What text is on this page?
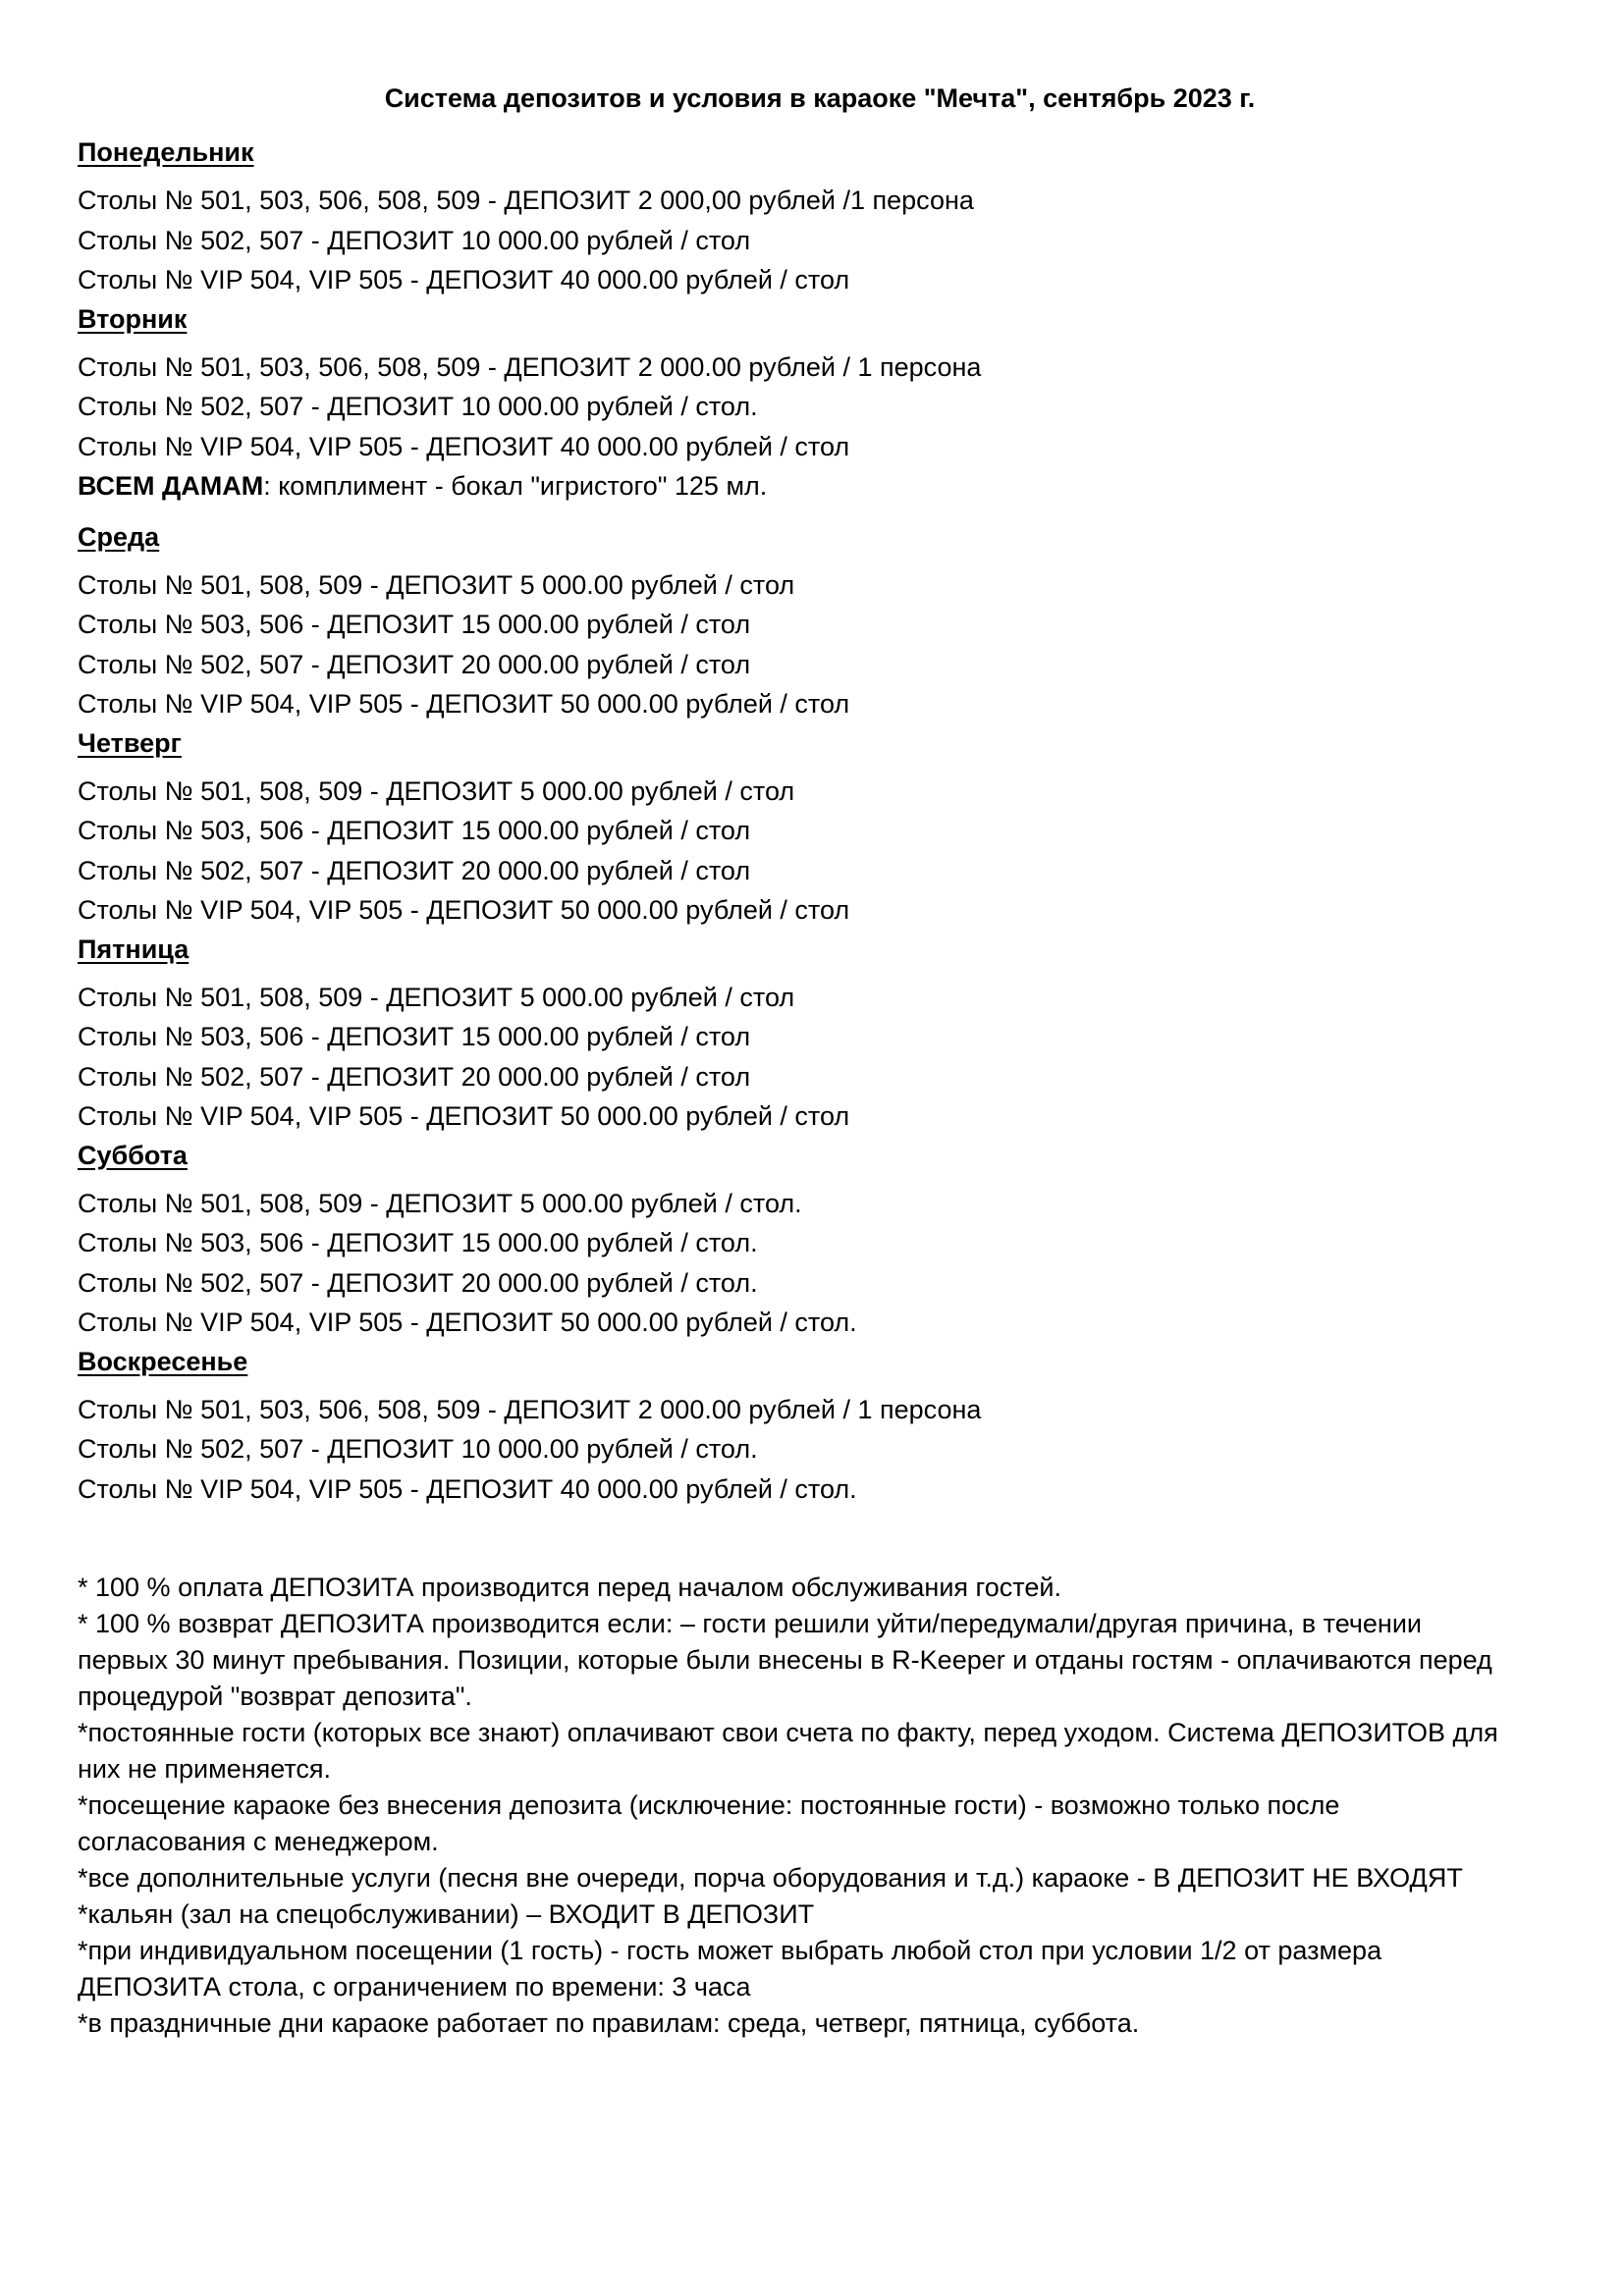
Система депозитов и условия в караоке "Мечта", сентябрь 2023 г.
Понедельник
Столы № 501, 503, 506, 508, 509 - ДЕПОЗИТ 2 000,00 рублей /1 персона
Столы № 502, 507 - ДЕПОЗИТ 10 000.00 рублей / стол
Столы № VIP 504, VIP 505 - ДЕПОЗИТ 40 000.00 рублей / стол
Вторник
Столы № 501, 503, 506, 508, 509 - ДЕПОЗИТ 2 000.00 рублей / 1 персона
Столы № 502, 507 - ДЕПОЗИТ 10 000.00 рублей / стол.
Столы № VIP 504, VIP 505 - ДЕПОЗИТ 40 000.00 рублей / стол
ВСЕМ ДАМАМ: комплимент - бокал "игристого" 125 мл.
Среда
Столы № 501, 508, 509 - ДЕПОЗИТ 5 000.00 рублей / стол
Столы № 503, 506 - ДЕПОЗИТ 15 000.00 рублей / стол
Столы № 502, 507 - ДЕПОЗИТ 20 000.00 рублей / стол
Столы № VIP 504, VIP 505 - ДЕПОЗИТ 50 000.00 рублей / стол
Четверг
Столы № 501, 508, 509 - ДЕПОЗИТ 5 000.00 рублей / стол
Столы № 503, 506 - ДЕПОЗИТ 15 000.00 рублей / стол
Столы № 502, 507 - ДЕПОЗИТ 20 000.00 рублей / стол
Столы № VIP 504, VIP 505 - ДЕПОЗИТ 50 000.00 рублей / стол
Пятница
Столы № 501, 508, 509 - ДЕПОЗИТ 5 000.00 рублей / стол
Столы № 503, 506 - ДЕПОЗИТ 15 000.00 рублей / стол
Столы № 502, 507 - ДЕПОЗИТ 20 000.00 рублей / стол
Столы № VIP 504, VIP 505 - ДЕПОЗИТ 50 000.00 рублей / стол
Суббота
Столы № 501, 508, 509 - ДЕПОЗИТ 5 000.00 рублей / стол.
Столы № 503, 506 - ДЕПОЗИТ 15 000.00 рублей / стол.
Столы № 502, 507 - ДЕПОЗИТ 20 000.00 рублей / стол.
Столы № VIP 504, VIP 505 - ДЕПОЗИТ 50 000.00 рублей / стол.
Воскресенье
Столы № 501, 503, 506, 508, 509 - ДЕПОЗИТ 2 000.00 рублей / 1 персона
Столы № 502, 507 - ДЕПОЗИТ 10 000.00 рублей / стол.
Столы № VIP 504, VIP 505 - ДЕПОЗИТ 40 000.00 рублей / стол.
* 100 % оплата ДЕПОЗИТА производится перед началом обслуживания гостей.
* 100 % возврат ДЕПОЗИТА производится если: – гости решили уйти/передумали/другая причина, в течении
первых 30 минут пребывания. Позиции, которые были внесены в R-Keeper и отданы гостям - оплачиваются перед
процедурой "возврат депозита".
*постоянные гости (которых все знают) оплачивают свои счета по факту, перед уходом. Система ДЕПОЗИТОВ для
них не применяется.
*посещение караоке без внесения депозита (исключение: постоянные гости) - возможно только после
согласования с менеджером.
*все дополнительные услуги (песня вне очереди, порча оборудования и т.д.) караоке - В ДЕПОЗИТ НЕ ВХОДЯТ
*кальян (зал на спецобслуживании) – ВХОДИТ В ДЕПОЗИТ
*при индивидуальном посещении (1 гость) - гость может выбрать любой стол при условии 1/2 от размера
ДЕПОЗИТА стола, с ограничением по времени: 3 часа
*в праздничные дни караоке работает по правилам: среда, четверг, пятница, суббота.
